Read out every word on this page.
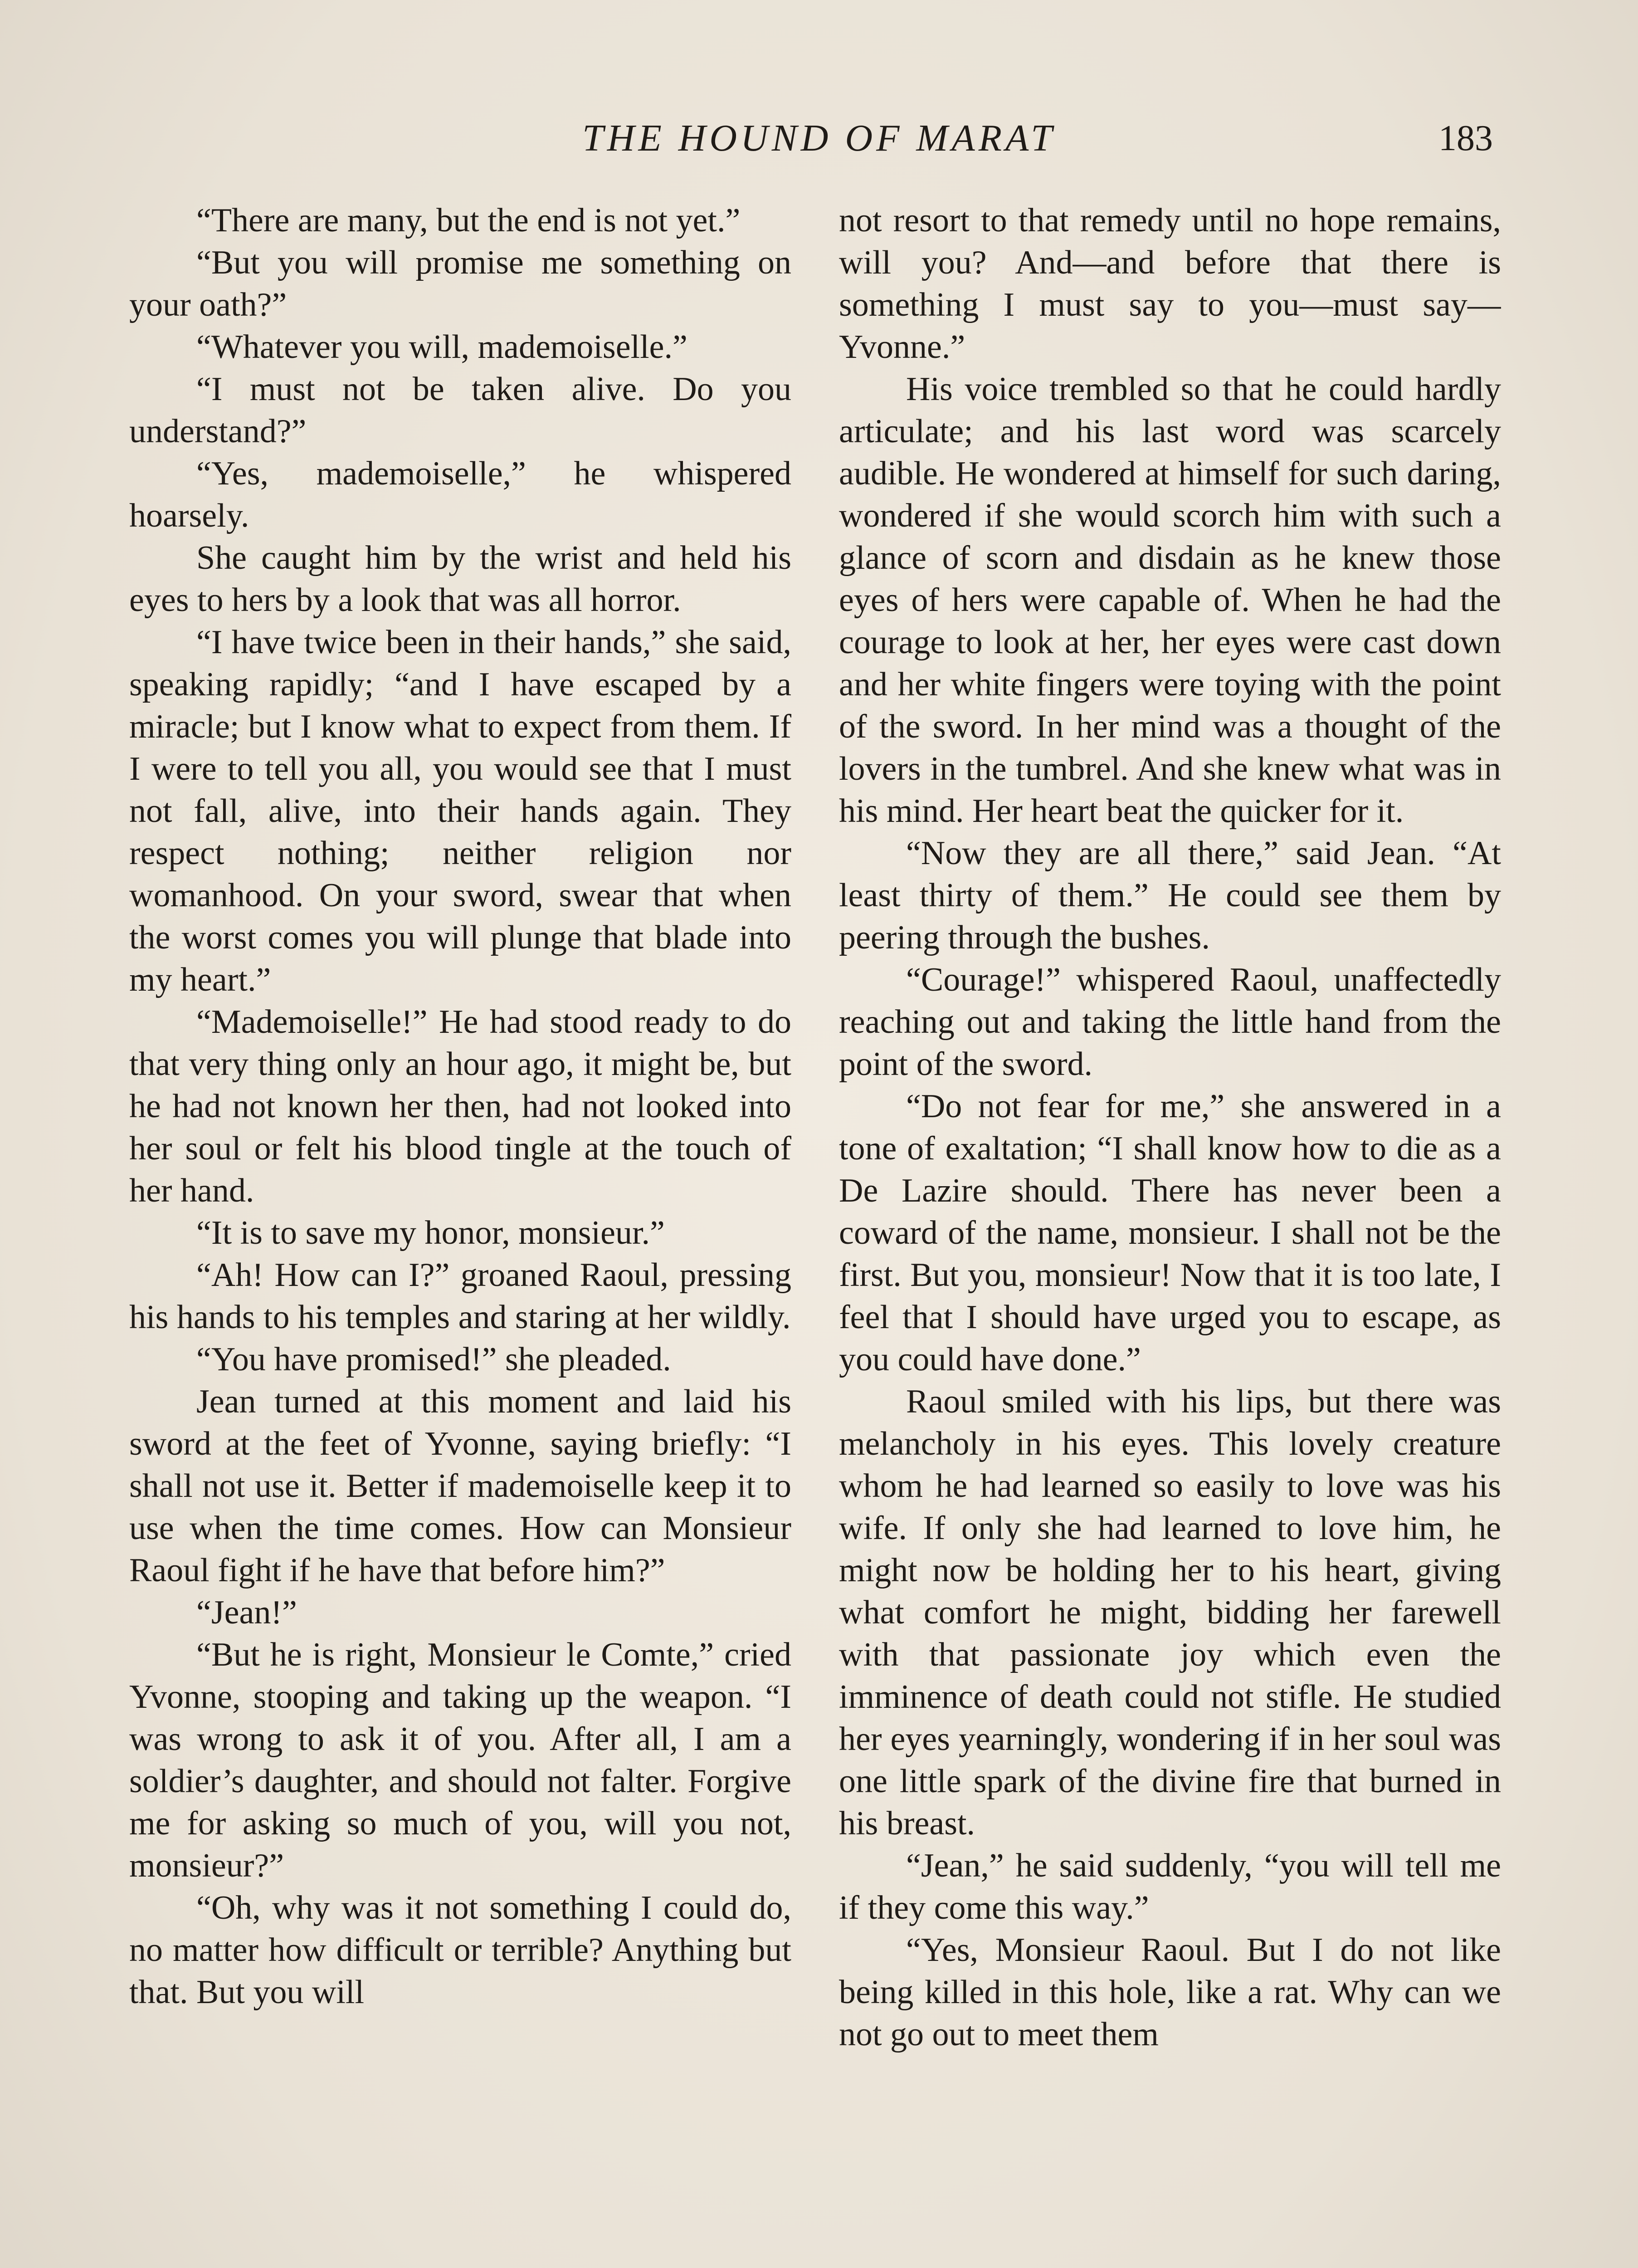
THE HOUND OF MARAT	183

“There are many, but the end is not yet.”

“But you will promise me something on your oath?”

“Whatever you will, mademoiselle.”

“I must not be taken alive. Do you understand?”

“Yes, mademoiselle,” he whispered hoarsely.

She caught him by the wrist and held his eyes to hers by a look that was all horror.

“I have twice been in their hands,” she said, speaking rapidly; “and I have escaped by a miracle; but I know what to expect from them. If I were to tell you all, you would see that I must not fall, alive, into their hands again. They respect nothing; neither religion nor womanhood. On your sword, swear that when the worst comes you will plunge that blade into my heart.”

“Mademoiselle!” He had stood ready to do that very thing only an hour ago, it might be, but he had not known her then, had not looked into her soul or felt his blood tingle at the touch of her hand.

“It is to save my honor, monsieur.”

“Ah! How can I?” groaned Raoul, pressing his hands to his temples and staring at her wildly.

“You have promised!” she pleaded.

Jean turned at this moment and laid his sword at the feet of Yvonne, saying briefly: “I shall not use it. Better if mademoiselle keep it to use when the time comes. How can Monsieur Raoul fight if he have that before him?”

“Jean!”

“But he is right, Monsieur le Comte,” cried Yvonne, stooping and taking up the weapon. “I was wrong to ask it of you. After all, I am a soldier’s daughter, and should not falter. Forgive me for asking so much of you, will you not, monsieur?”

“Oh, why was it not something I could do, no matter how difficult or terrible? Anything but that. But you will

not resort to that remedy until no hope remains, will you? And—and before that there is something I must say to you—must say—Yvonne.”

His voice trembled so that he could hardly articulate; and his last word was scarcely audible. He wondered at himself for such daring, wondered if she would scorch him with such a glance of scorn and disdain as he knew those eyes of hers were capable of. When he had the courage to look at her, her eyes were cast down and her white fingers were toying with the point of the sword. In her mind was a thought of the lovers in the tumbrel. And she knew what was in his mind. Her heart beat the quicker for it.

“Now they are all there,” said Jean. “At least thirty of them.” He could see them by peering through the bushes.

“Courage!” whispered Raoul, unaffectedly reaching out and taking the little hand from the point of the sword.

“Do not fear for me,” she answered in a tone of exaltation; “I shall know how to die as a De Lazire should. There has never been a coward of the name, monsieur. I shall not be the first. But you, monsieur! Now that it is too late, I feel that I should have urged you to escape, as you could have done.”

Raoul smiled with his lips, but there was melancholy in his eyes. This lovely creature whom he had learned so easily to love was his wife. If only she had learned to love him, he might now be holding her to his heart, giving what comfort he might, bidding her farewell with that passionate joy which even the imminence of death could not stifle. He studied her eyes yearningly, wondering if in her soul was one little spark of the divine fire that burned in his breast.

“Jean,” he said suddenly, “you will tell me if they come this way.”

“Yes, Monsieur Raoul. But I do not like being killed in this hole, like a rat. Why can we not go out to meet them
